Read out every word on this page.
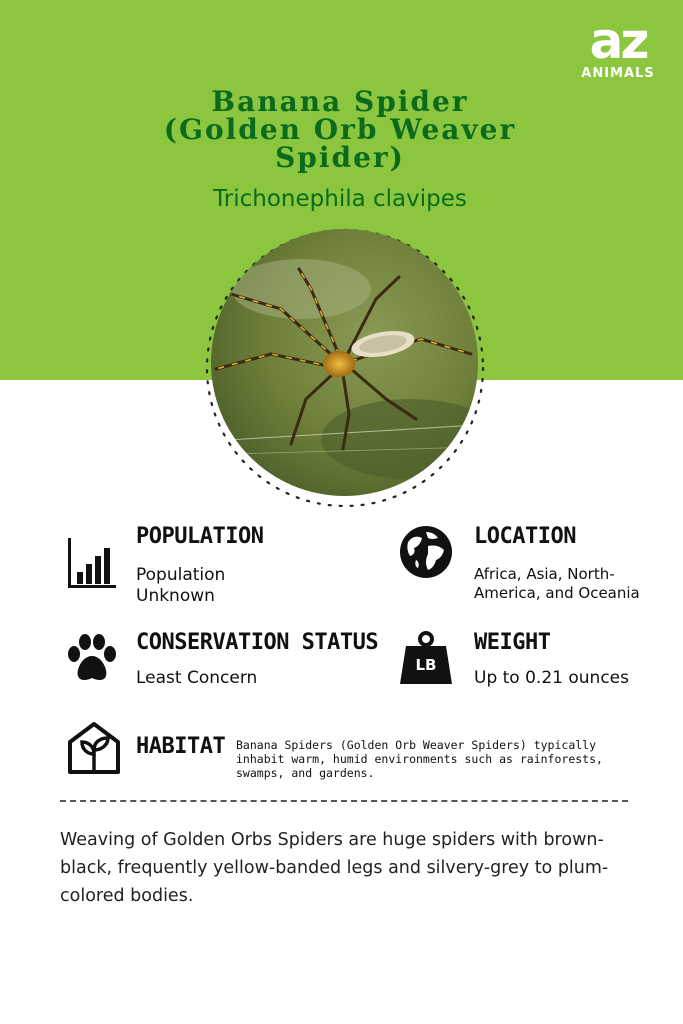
az
ANIMALS
Banana Spider (Golden Orb Weaver Spider)

Trichonephila clavipes

POPULATION

Population Unknown

LOCATION

Africa, Asia, North-America, and Oceania

CONSERVATION STATUS

Least Concern

LB
WEIGHT

Up to 0.21 ounces

HABITAT Banana Spiders (Golden Orb Weaver Spiders) typically inhabit warm, humid environments such as rainforests, swamps, and gardens.

Weaving of Golden Orbs Spiders are huge spiders with brown-black, frequently yellow-banded legs and silvery-grey to plum-colored bodies.
